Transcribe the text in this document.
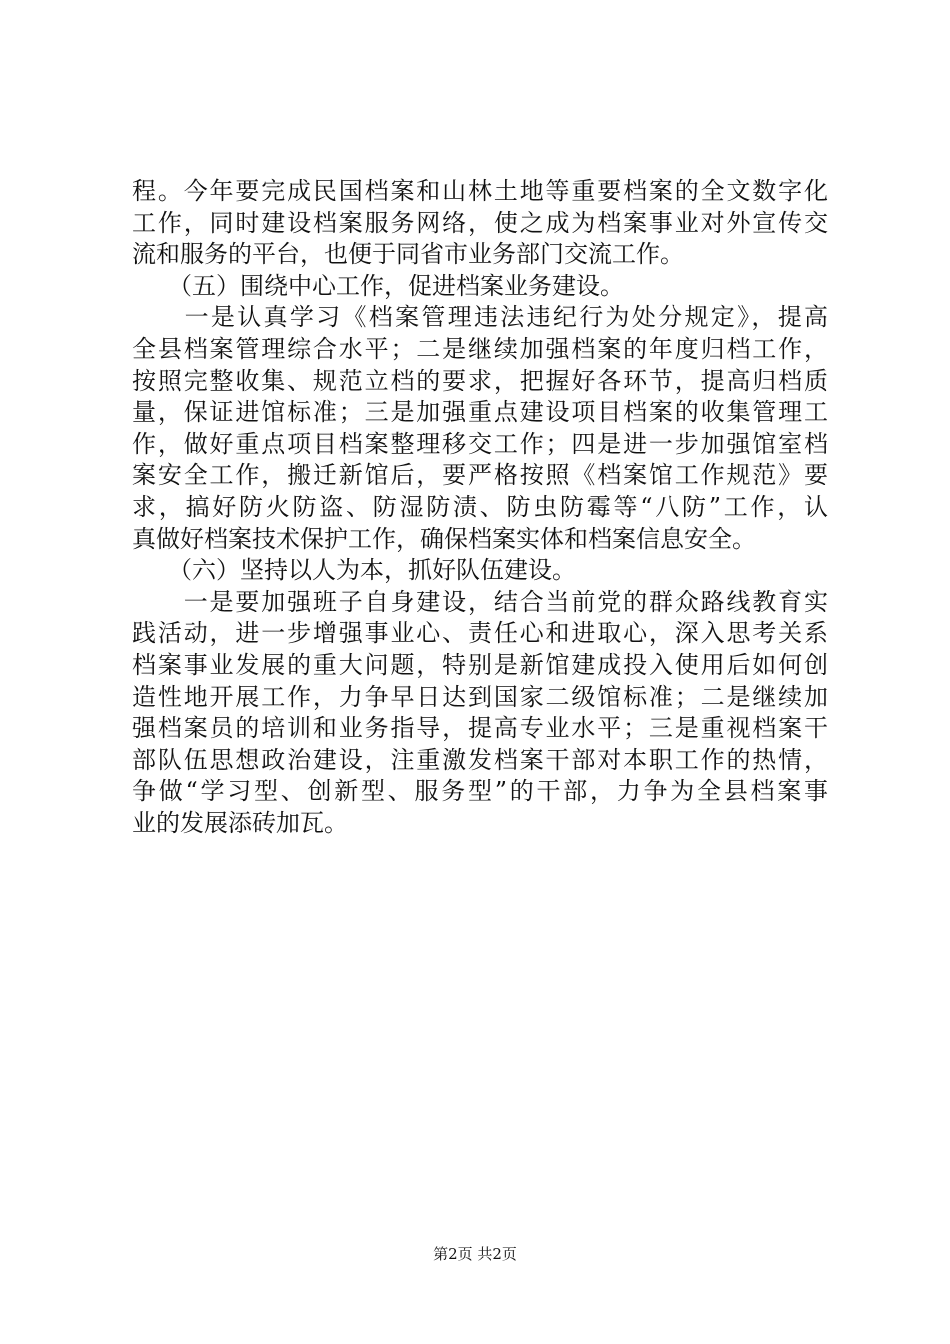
程。今年要完成民国档案和山林土地等重要档案的全文数字化
工作，同时建设档案服务网络，使之成为档案事业对外宣传交
流和服务的平台，也便于同省市业务部门交流工作。
　　（五）围绕中心工作，促进档案业务建设。
　　一是认真学习《档案管理违法违纪行为处分规定》，提高
全县档案管理综合水平；二是继续加强档案的年度归档工作，
按照完整收集、规范立档的要求，把握好各环节，提高归档质
量，保证进馆标准；三是加强重点建设项目档案的收集管理工
作，做好重点项目档案整理移交工作；四是进一步加强馆室档
案安全工作，搬迁新馆后，要严格按照《档案馆工作规范》要
求，搞好防火防盗、防湿防渍、防虫防霉等“八防”工作，认
真做好档案技术保护工作，确保档案实体和档案信息安全。
　　（六）坚持以人为本，抓好队伍建设。
　　一是要加强班子自身建设，结合当前党的群众路线教育实
践活动，进一步增强事业心、责任心和进取心，深入思考关系
档案事业发展的重大问题，特别是新馆建成投入使用后如何创
造性地开展工作，力争早日达到国家二级馆标准；二是继续加
强档案员的培训和业务指导，提高专业水平；三是重视档案干
部队伍思想政治建设，注重激发档案干部对本职工作的热情，
争做“学习型、创新型、服务型”的干部，力争为全县档案事
业的发展添砖加瓦。
第2页 共2页
